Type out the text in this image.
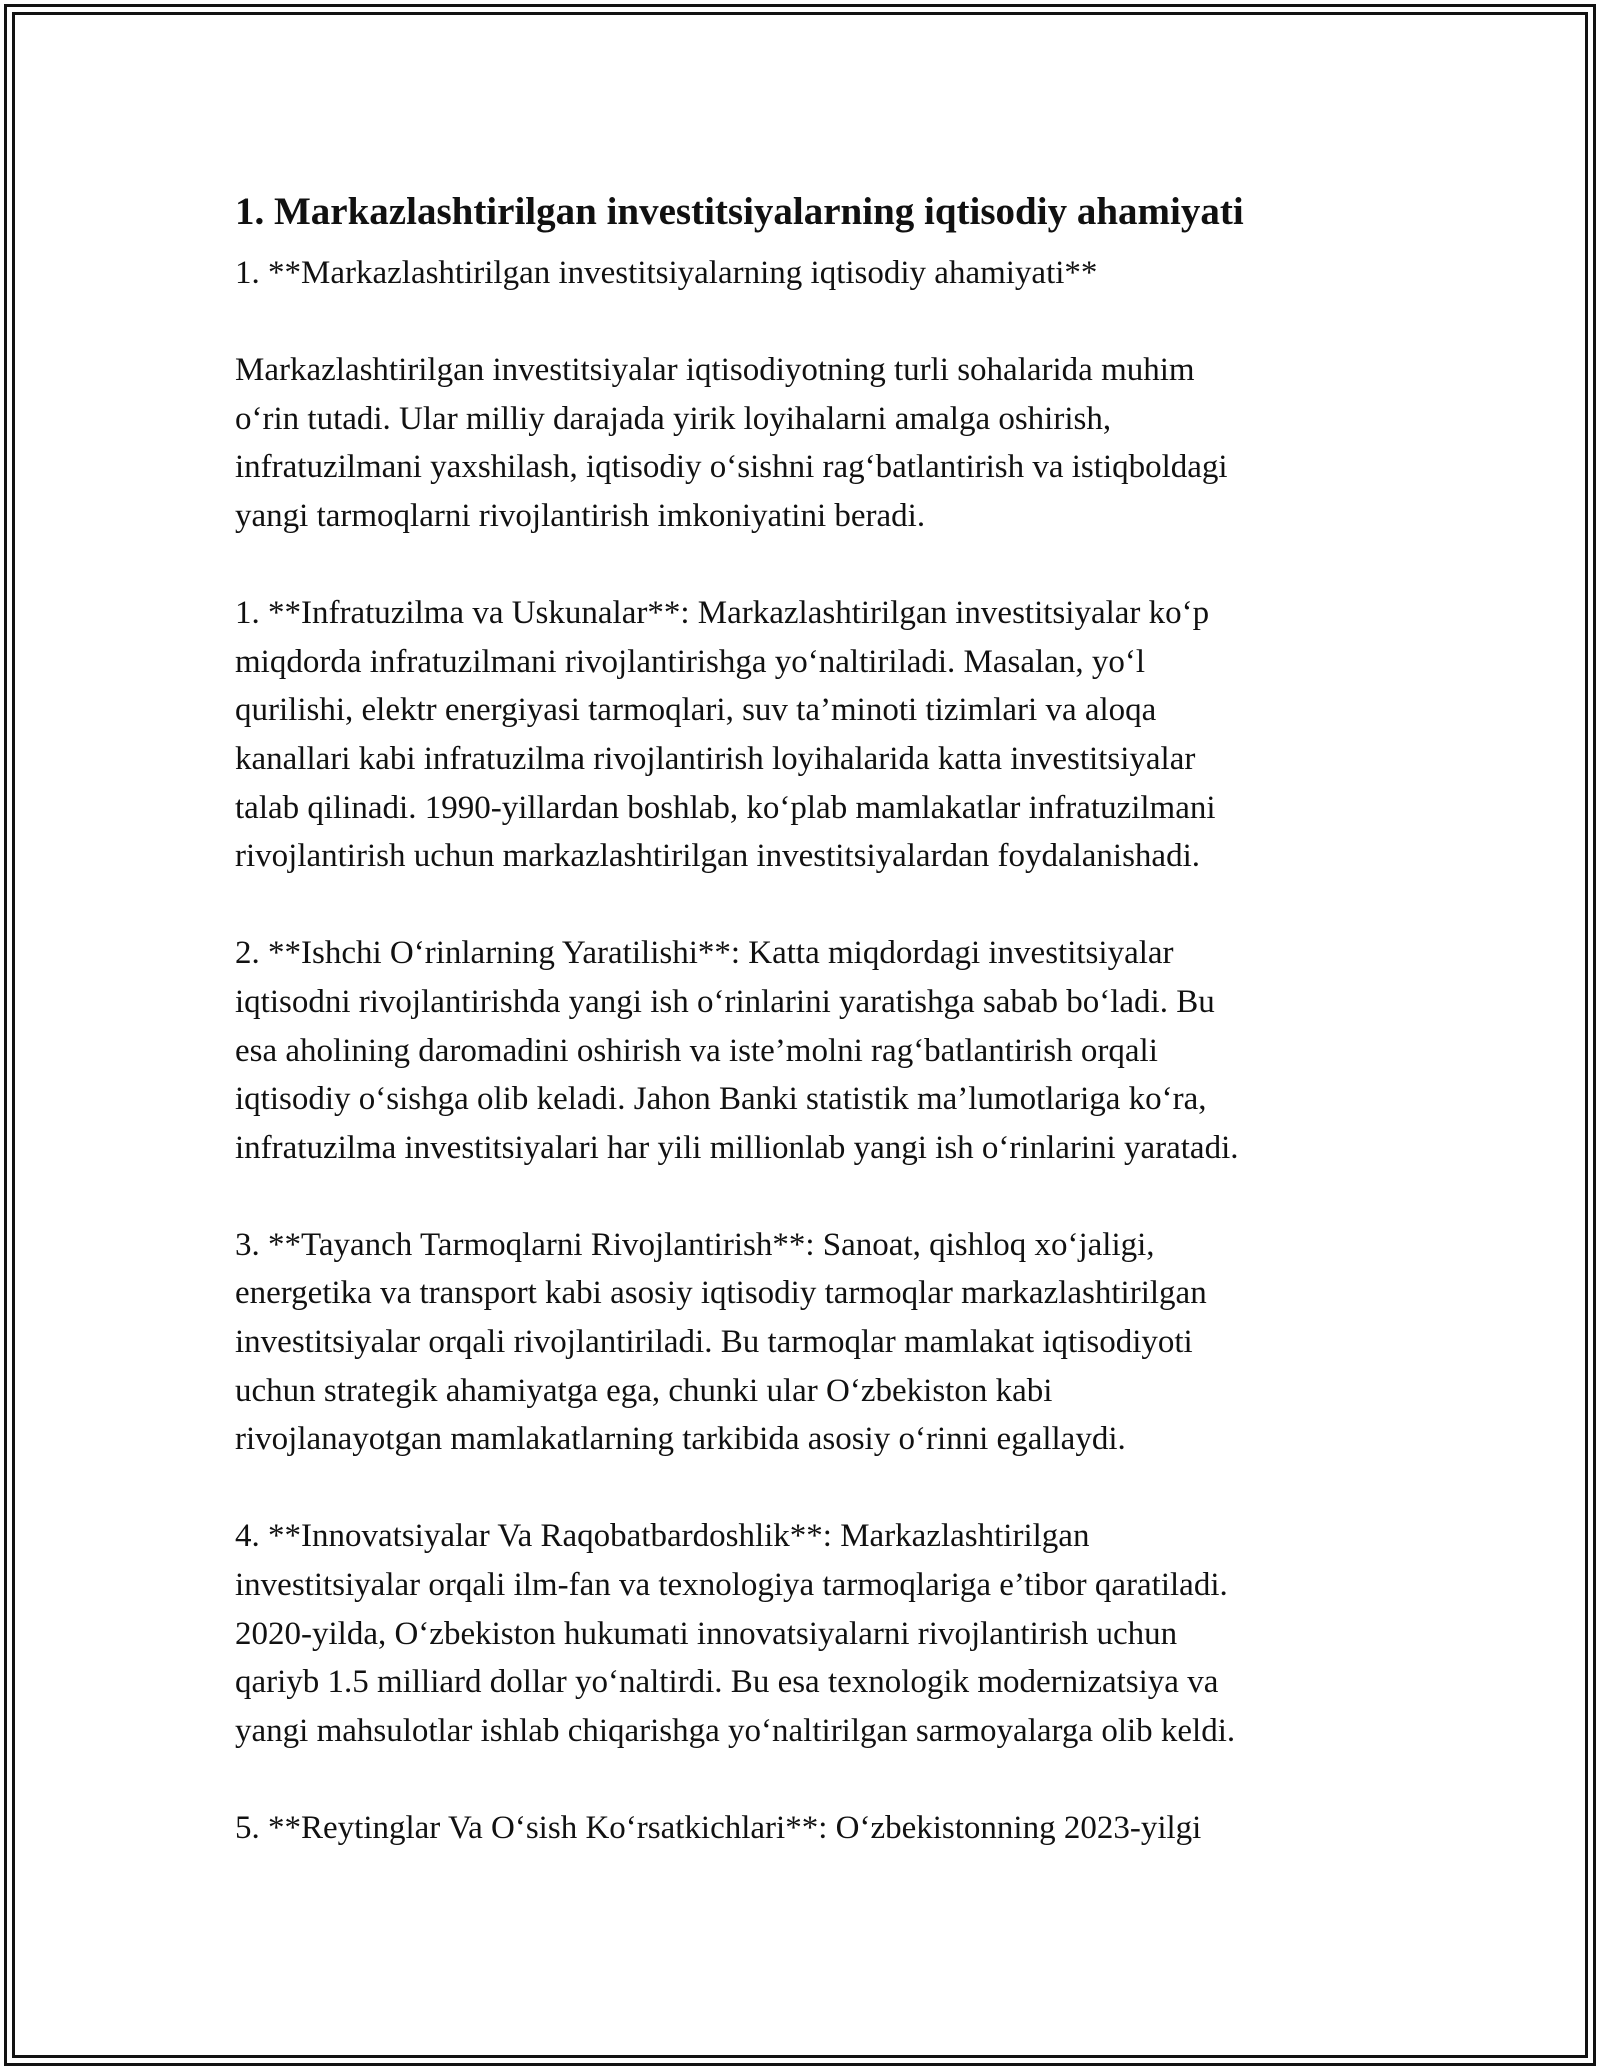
1. Markazlashtirilgan investitsiyalarning iqtisodiy ahamiyati

1. **Markazlashtirilgan investitsiyalarning iqtisodiy ahamiyati**

Markazlashtirilgan investitsiyalar iqtisodiyotning turli sohalarida muhim
o‘rin tutadi. Ular milliy darajada yirik loyihalarni amalga oshirish,
infratuzilmani yaxshilash, iqtisodiy o‘sishni rag‘batlantirish va istiqboldagi
yangi tarmoqlarni rivojlantirish imkoniyatini beradi.

1. **Infratuzilma va Uskunalar**: Markazlashtirilgan investitsiyalar ko‘p
miqdorda infratuzilmani rivojlantirishga yo‘naltiriladi. Masalan, yo‘l
qurilishi, elektr energiyasi tarmoqlari, suv ta’minoti tizimlari va aloqa
kanallari kabi infratuzilma rivojlantirish loyihalarida katta investitsiyalar
talab qilinadi. 1990-yillardan boshlab, ko‘plab mamlakatlar infratuzilmani
rivojlantirish uchun markazlashtirilgan investitsiyalardan foydalanishadi.

2. **Ishchi O‘rinlarning Yaratilishi**: Katta miqdordagi investitsiyalar
iqtisodni rivojlantirishda yangi ish o‘rinlarini yaratishga sabab bo‘ladi. Bu
esa aholining daromadini oshirish va iste’molni rag‘batlantirish orqali
iqtisodiy o‘sishga olib keladi. Jahon Banki statistik ma’lumotlariga ko‘ra,
infratuzilma investitsiyalari har yili millionlab yangi ish o‘rinlarini yaratadi.

3. **Tayanch Tarmoqlarni Rivojlantirish**: Sanoat, qishloq xo‘jaligi,
energetika va transport kabi asosiy iqtisodiy tarmoqlar markazlashtirilgan
investitsiyalar orqali rivojlantiriladi. Bu tarmoqlar mamlakat iqtisodiyoti
uchun strategik ahamiyatga ega, chunki ular O‘zbekiston kabi
rivojlanayotgan mamlakatlarning tarkibida asosiy o‘rinni egallaydi.

4. **Innovatsiyalar Va Raqobatbardoshlik**: Markazlashtirilgan
investitsiyalar orqali ilm-fan va texnologiya tarmoqlariga e’tibor qaratiladi.
2020-yilda, O‘zbekiston hukumati innovatsiyalarni rivojlantirish uchun
qariyb 1.5 milliard dollar yo‘naltirdi. Bu esa texnologik modernizatsiya va
yangi mahsulotlar ishlab chiqarishga yo‘naltirilgan sarmoyalarga olib keldi.

5. **Reytinglar Va O‘sish Ko‘rsatkichlari**: O‘zbekistonning 2023-yilgi
